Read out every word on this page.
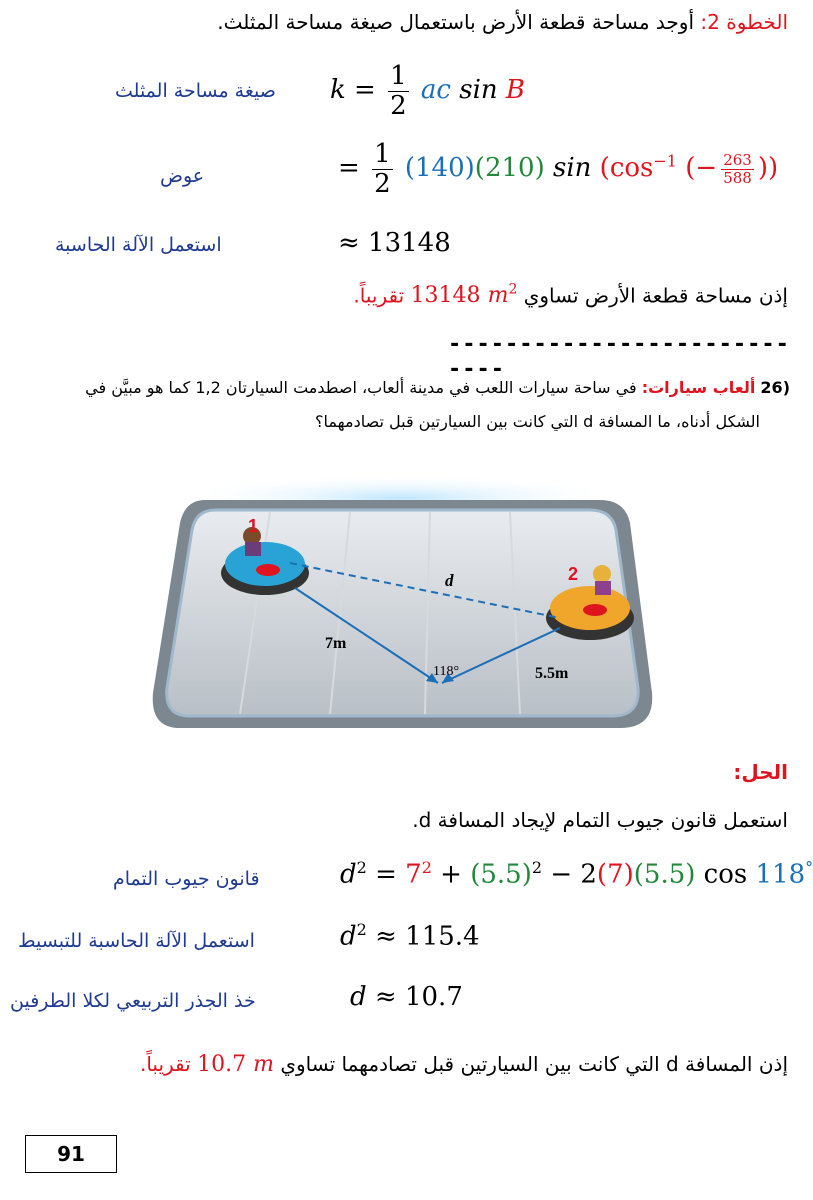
الخطوة 2: أوجد مساحة قطعة الأرض باستعمال صيغة مساحة المثلث.
صيغة مساحة المثلث $k = \frac{1}{2}$ ac sin B
عوض	= $\frac{1}{2} (140)(210)$ $\sin (\cos^{-1}$ (− $\frac{263}{588}$ ))
استعمل الآلة الحاسبة	≈ 13148
إذن مساحة قطعة الأرض تساوي 13148 $m^2$ تقريباً.
----------------------------
(26 ألعاب سيارات: في ساحة سيارات اللعب في مدينة ألعاب، اصطدمت السيارتان 1,2 كما هو مبيَّن في
الشكل أدناه، ما المسافة d التي كانت بين السيارتين قبل تصادمهما؟
1
2
d
7m
5.5m
118°
الحل:
استعمل قانون جيوب التمام لإيجاد المسافة d.
قانون جيوب التمام	$d^2 = 7^2 + (5.5)^2 - 2(7)(5.5)$ cos 118°
استعمل الآلة الحاسبة للتبسيط	$d^2 \approx 115.4$
خذ الجذر التربيعي لكلا الطرفين	d ≈ 10.7
إذن المسافة d التي كانت بين السيارتين قبل تصادمهما تساوي 10.7 m تقريباً.
91
